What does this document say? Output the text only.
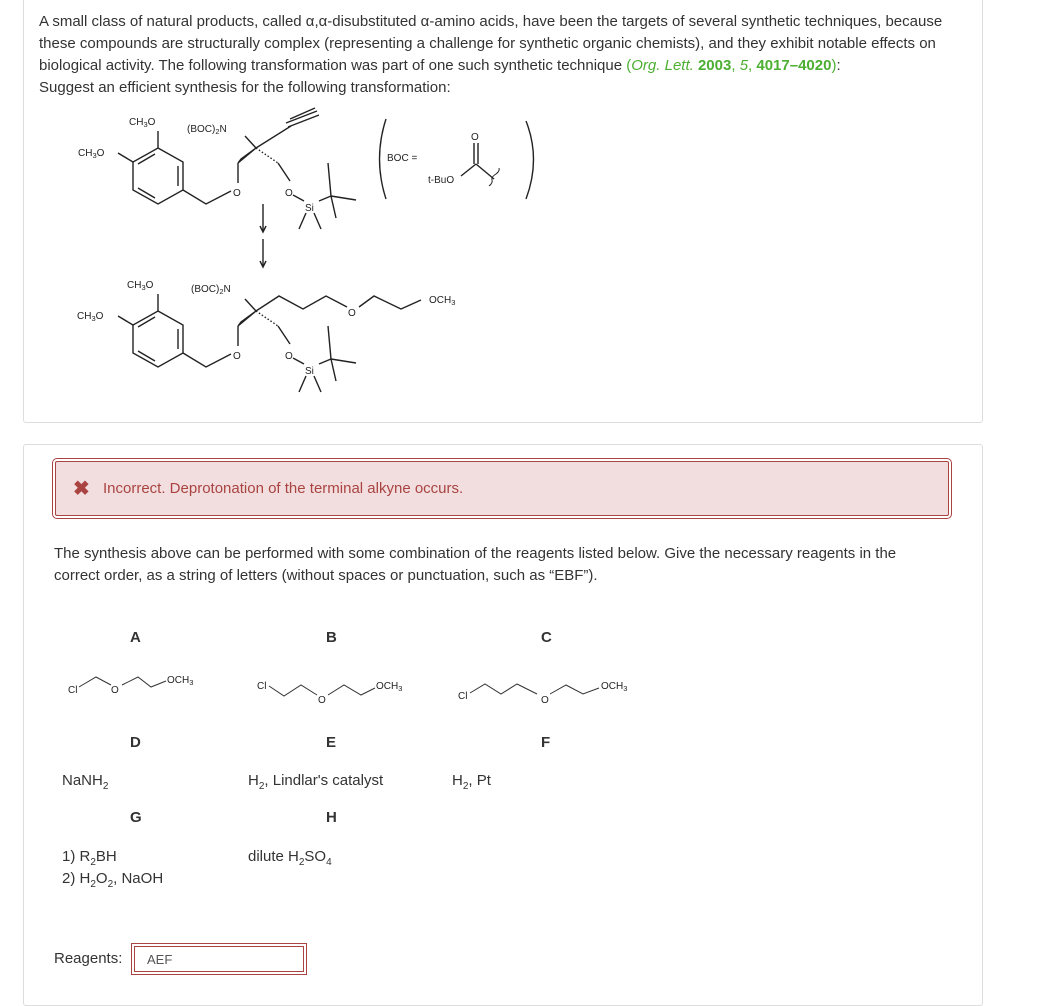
A small class of natural products, called α,α-disubstituted α-amino acids, have been the targets of several synthetic techniques, because these compounds are structurally complex (representing a challenge for synthetic organic chemists), and they exhibit notable effects on biological activity. The following transformation was part of one such synthetic technique (Org. Lett. 2003, 5, 4017–4020):
Suggest an efficient synthesis for the following transformation:
CH3O
CH3O
(BOC)2N
O	O
Si
BOC =
t-BuO
O
CH3O
CH3O
(BOC)2N
O	O
Si
O
OCH3
✖ Incorrect. Deprotonation of the terminal alkyne occurs.
The synthesis above can be performed with some combination of the reagents listed below. Give the necessary reagents in the correct order, as a string of letters (without spaces or punctuation, such as “EBF”).
A	B	C
Cl	O
OCH3	Cl
O
OCH3
Cl	O
OCH3
D	E	F
NaNH$_2$	$H_2$, Lindlar's catalyst	$H_2$, Pt
G	H
1) $R_2BH$
2) $H_2O_2$, NaOH
dilute $H_2SO_4$
Reagents:
AEF
